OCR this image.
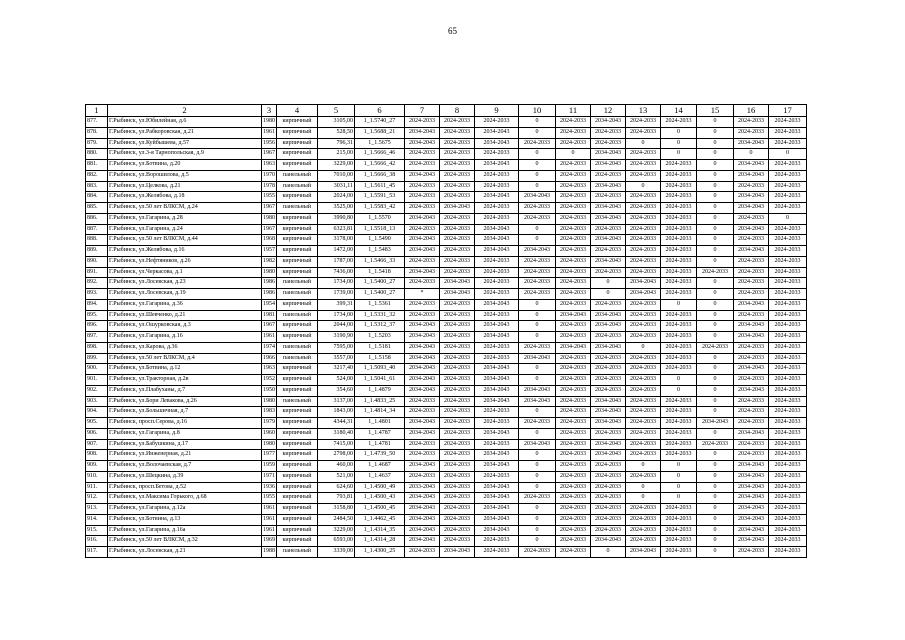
65
1	2	3	4	5	6	7	8	9	10	11	12	13	14	15	16	17
877.	Г.Рыбинск, ул.Юбилейная, д.6	1980	кирпичный	3105,00	1_1.5740_27	2024-2033	2024-2033	2024-2033	0	2024-2033	2034-2043	2024-2033	2024-2033	0	2024-2033	2024-2033
878.	Г.Рыбинск, ул.Рабкоровская, д.21	1961	кирпичный	528,50	1_1.5688_21	2034-2043	2024-2033	2034-2043	0	2024-2033	2024-2033	2024-2033	0	0	2024-2033	2024-2033
879.	Г.Рыбинск, ул.Куйбышева, д.57	1956	кирпичный	796,31	1_1.5675	2034-2043	2024-2033	2034-2043	2024-2033	2024-2033	2024-2033	0	0	0	2034-2043	2024-2033
880.	Г.Рыбинск, ул.3-я Тарнопольская, д.9	1967	кирпичный	215,00	1_1.5666_46	2024-2033	2024-2033	2024-2033	0	0	2034-2043	2024-2033	0	0	0	0
881.	Г.Рыбинск, ул.Ботвина, д.20	1963	кирпичный	3229,00	1_1.5666_42	2024-2033	2024-2033	2034-2043	0	2024-2033	2034-2043	2024-2033	2024-2033	0	2034-2043	2024-2033
882.	Г.Рыбинск, ул.Ворошилова, д.5	1970	панельный	7010,00	1_1.5666_38	2034-2043	2024-2033	2024-2033	0	2024-2033	2024-2033	2024-2033	2024-2033	0	2034-2043	2024-2033
883.	Г.Рыбинск, ул.Целкова, д.21	1978	панельный	3031,11	1_1.5611_45	2024-2033	2024-2033	2024-2033	0	2024-2033	2034-2043	0	2024-2033	0	2024-2033	2024-2033
884.	Г.Рыбинск, ул.Желябова, д.18	1955	кирпичный	2024,00	1_1.5591_53	2024-2033	2024-2033	2034-2043	2034-2043	2024-2033	2024-2033	2024-2033	2024-2033	0	2034-2043	2024-2033
885.	Г.Рыбинск, ул.50 лет ВЛКСМ, д.24	1967	панельный	3525,00	1_1.5583_42	2024-2033	2034-2043	2024-2033	2024-2033	2024-2033	2034-2043	2024-2033	2024-2033	0	2034-2043	2024-2033
886.	Г.Рыбинск, ул.Гагарина, д.28	1980	кирпичный	3990,80	1_1.5570	2034-2043	2024-2033	2024-2033	2024-2033	2024-2033	2034-2043	2024-2033	2024-2033	0	2024-2033	0
887.	Г.Рыбинск, ул.Гагарина, д.24	1967	кирпичный	6323,81	1_1.5518_13	2024-2033	2024-2033	2034-2043	0	2024-2033	2024-2033	2024-2033	2024-2033	0	2034-2043	2024-2033
888.	Г.Рыбинск, ул.50 лет ВЛКСМ, д.44	1968	кирпичный	3178,00	1_1.5490	2034-2043	2024-2033	2034-2043	0	2024-2033	2034-2043	2024-2033	2024-2033	0	2024-2033	2024-2033
889.	Г.Рыбинск, ул.Желябова, д.16	1957	кирпичный	1472,00	1_1.5483	2034-2043	2024-2033	2034-2043	2034-2043	2024-2033	2024-2033	2024-2033	2024-2033	0	2034-2043	2024-2033
890.	Г.Рыбинск, ул.Нефтяников, д.26	1982	кирпичный	1787,00	1_1.5466_33	2024-2033	2024-2033	2024-2033	2024-2033	2024-2033	2034-2043	2024-2033	2024-2033	0	2024-2033	2024-2033
891.	Г.Рыбинск, ул.Черкасова, д.1	1980	кирпичный	7436,00	1_1.5418	2034-2043	2024-2033	2024-2033	2024-2033	2024-2033	2024-2033	2024-2033	2024-2033	2024-2033	2024-2033	2024-2033
892.	Г.Рыбинск, ул.Лосевская, д.23	1986	панельный	1734,00	1_1.5400_27	2024-2033	2034-2043	2024-2033	2024-2033	2024-2033	0	2034-2043	2024-2033	0	2024-2033	2024-2033
893.	Г.Рыбинск, ул.Лосевская, д.19	1986	панельный	1739,00	1_1.5400_27	*	2034-2043	2024-2033	2024-2033	2024-2033	0	2034-2043	2024-2033	0	2024-2033	2024-2033
894.	Г.Рыбинск, ул.Гагарина, д.36	1954	кирпичный	399,31	1_1.5361	2024-2033	2024-2033	2034-2043	0	2024-2033	2024-2033	2024-2033	0	0	2034-2043	2024-2033
895.	Г.Рыбинск, ул.Шевченко, д.21	1981	панельный	1734,00	1_1.5331_32	2024-2033	2024-2033	2024-2033	0	2034-2043	2034-2043	2024-2033	2024-2033	0	2024-2033	2024-2033
896.	Г.Рыбинск, ул.Ошурковская, д.3	1967	кирпичный	2044,00	1_1.5312_37	2034-2043	2024-2033	2034-2043	0	2024-2033	2034-2043	2024-2033	2024-2033	0	2034-2043	2024-2033
897.	Г.Рыбинск, ул.Гагарина, д.16	1961	кирпичный	3190,90	1_1.5203	2034-2043	2024-2033	2034-2043	0	2024-2033	2024-2033	2024-2033	2024-2033	0	2034-2043	2024-2033
898.	Г.Рыбинск, ул.Карова, д.36	1974	панельный	7595,00	1_1.5181	2034-2043	2024-2033	2024-2033	2024-2033	2034-2043	2034-2043	0	2024-2033	2024-2033	2024-2033	2024-2033
899.	Г.Рыбинск, ул.50 лет ВЛКСМ, д.4	1966	панельный	3557,00	1_1.5158	2034-2043	2024-2033	2024-2033	2034-2043	2024-2033	2024-2033	2024-2033	2024-2033	0	2024-2033	2024-2033
900.	Г.Рыбинск, ул.Ботвина, д.12	1963	кирпичный	3217,40	1_1.5093_40	2034-2043	2024-2033	2034-2043	0	2024-2033	2024-2033	2024-2033	2024-2033	0	2034-2043	2024-2033
901.	Г.Рыбинск, ул.Тракторная, д.2в	1952	кирпичный	524,00	1_1.5041_61	2034-2043	2024-2033	2034-2043	0	2024-2033	2024-2033	2024-2033	0	0	2024-2033	2024-2033
902.	Г.Рыбинск, ул.Плабуханы, д.7	1950	кирпичный	354,60	1_1.4879	2034-2043	2024-2033	2034-2043	2034-2043	2024-2033	2024-2033	2024-2033	0	0	2034-2043	2024-2033
903.	Г.Рыбинск, ул.Бори Левакова, д.26	1980	панельный	3137,00	1_1.4833_25	2024-2033	2024-2033	2034-2043	2034-2043	2024-2033	2034-2043	2024-2033	2024-2033	0	2024-2033	2024-2033
904.	Г.Рыбинск, ул.Большичная, д.7	1983	кирпичный	1843,00	1_1.4814_34	2024-2033	2024-2033	2024-2033	0	2024-2033	2034-2043	2024-2033	2024-2033	0	2024-2033	2024-2033
905.	Г.Рыбинск, просп.Серова, д.16	1979	кирпичный	4344,31	1_1.4801	2034-2043	2024-2033	2024-2033	2024-2033	2024-2033	2034-2043	2024-2033	2024-2033	2034-2043	2024-2033	2024-2033
906.	Г.Рыбинск, ул.Гагарина, д.8	1960	кирпичный	3180,40	1_1.4787	2034-2043	2024-2033	2034-2043	0	2024-2033	2024-2033	2024-2033	2024-2033	0	2034-2043	2024-2033
907.	Г.Рыбинск, ул.Бабушкина, д.17	1980	кирпичный	7415,00	1_1.4781	2024-2033	2024-2033	2024-2033	2034-2043	2024-2033	2034-2043	2024-2033	2024-2033	2024-2033	2024-2033	2024-2033
908.	Г.Рыбинск, ул.Инженерная, д.21	1977	кирпичный	2798,00	1_1.4739_50	2024-2033	2024-2033	2034-2043	0	2024-2033	2034-2043	2024-2033	2024-2033	0	2024-2033	2024-2033
909.	Г.Рыбинск, ул.Волочаевская, д.7	1959	кирпичный	460,00	1_1.4687	2034-2043	2024-2033	2034-2043	0	2024-2033	2024-2033	0	0	0	2034-2043	2024-2033
910.	Г.Рыбинск, ул.Шецкина, д.39	1971	кирпичный	521,00	1_1.4637	2024-2033	2024-2033	2024-2033	0	2024-2033	2024-2033	2024-2033	0	0	2034-2043	2024-2033
911.	Г.Рыбинск, просп.Бетова, д.52	1936	кирпичный	624,60	1_1.4500_49	2033-2043	2024-2033	2034-2043	0	2024-2033	2024-2033	0	0	0	2034-2043	2024-2033
912.	Г.Рыбинск, ул.Максима Горького, д.68	1955	кирпичный	793,81	1_1.4500_43	2034-2043	2024-2033	2034-2043	2024-2033	2024-2033	2024-2033	0	0	0	2034-2043	2024-2033
913.	Г.Рыбинск, ул.Гагарина, д.12а	1961	кирпичный	3158,80	1_1.4500_45	2034-2043	2024-2033	2034-2043	0	2024-2033	2024-2033	2024-2033	2024-2033	0	2034-2043	2024-2033
914.	Г.Рыбинск, ул.Ботвина, д.13	1961	кирпичный	2484,50	1_1.4462_45	2034-2043	2024-2033	2034-2043	0	2024-2033	2024-2033	2024-2033	2024-2033	0	2034-2043	2024-2033
915.	Г.Рыбинск, ул.Гагарина, д.16а	1961	кирпичный	3229,00	1_1.4314_35	2034-2043	2024-2033	2034-2043	0	2024-2033	2024-2033	2024-2033	2024-2033	0	2034-2043	2024-2033
916.	Г.Рыбинск, ул.50 лет ВЛКСМ, д.32	1969	кирпичный	6593,00	1_1.4314_28	2034-2043	2024-2033	2024-2033	0	2024-2033	2034-2043	2024-2033	2024-2033	0	2034-2043	2024-2033
917.	Г.Рыбинск, ул.Лосевская, д.21	1988	панельный	3339,00	1_1.4300_25	2024-2033	2034-2043	2024-2033	2024-2033	2024-2033	0	2034-2043	2024-2033	0	2024-2033	2024-2033
